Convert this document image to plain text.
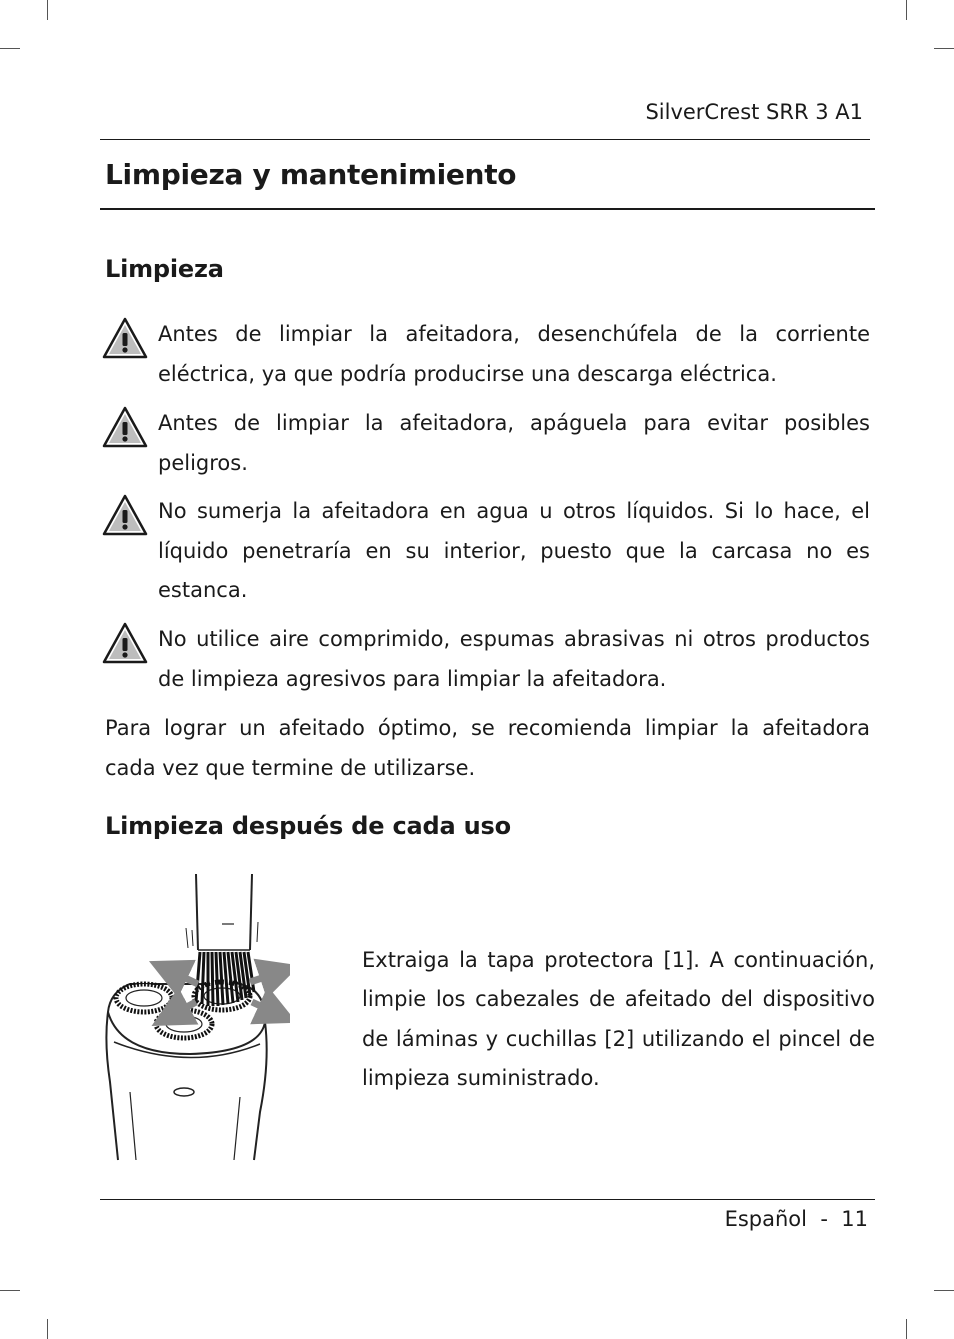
SilverCrest SRR 3 A1
Limpieza y mantenimiento
Limpieza
Antes de limpiar la afeitadora, desenchúfela de la corriente eléctrica, ya que podría producirse una descarga eléctrica.
Antes de limpiar la afeitadora, apáguela para evitar posibles peligros.
No sumerja la afeitadora en agua u otros líquidos. Si lo hace, el líquido penetraría en su interior, puesto que la carcasa no es estanca.
No utilice aire comprimido, espumas abrasivas ni otros productos de limpieza agresivos para limpiar la afeitadora.
Para lograr un afeitado óptimo, se recomienda limpiar la afeitadora cada vez que termine de utilizarse.
Limpieza después de cada uso
Extraiga la tapa protectora [1]. A continuación, limpie los cabezales de afeitado del dispositivo de láminas y cuchillas [2] utilizando el pincel de limpieza suministrado.
Español  -  11
